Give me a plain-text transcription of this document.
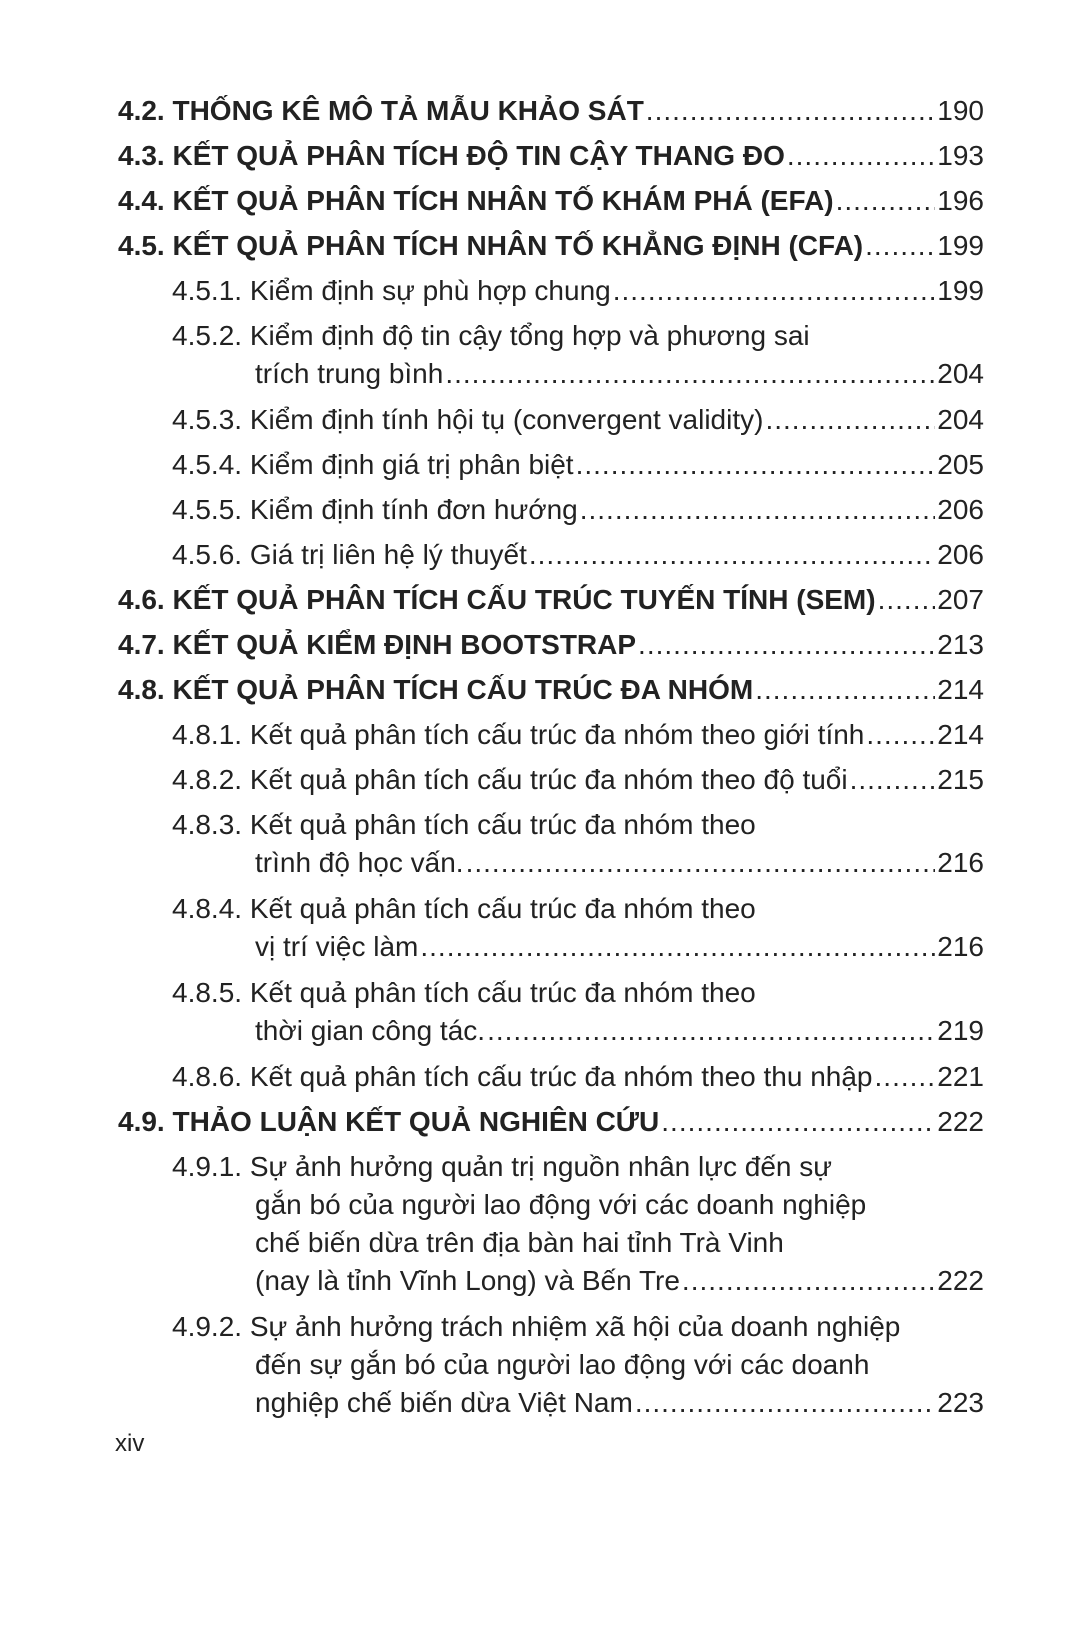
4.2. THỐNG KÊ MÔ TẢ MẪU KHẢO SÁT .....	190
4.3. KẾT QUẢ PHÂN TÍCH ĐỘ TIN CẬY THANG ĐO .....	193
4.4. KẾT QUẢ PHÂN TÍCH NHÂN TỐ KHÁM PHÁ (EFA) .....	196
4.5. KẾT QUẢ PHÂN TÍCH NHÂN TỐ KHẲNG ĐỊNH (CFA) .....	199
4.5.1. Kiểm định sự phù hợp chung .....	199
4.5.2. Kiểm định độ tin cậy tổng hợp và phương sai
trích trung bình .....	204
4.5.3. Kiểm định tính hội tụ (convergent validity) .....	204
4.5.4. Kiểm định giá trị phân biệt .....	205
4.5.5. Kiểm định tính đơn hướng .....	206
4.5.6. Giá trị liên hệ lý thuyết .....	206
4.6. KẾT QUẢ PHÂN TÍCH CẤU TRÚC TUYẾN TÍNH (SEM) ..... 207
4.7. KẾT QUẢ KIỂM ĐỊNH BOOTSTRAP .....	213
4.8. KẾT QUẢ PHÂN TÍCH CẤU TRÚC ĐA NHÓM .....	214
4.8.1. Kết quả phân tích cấu trúc đa nhóm theo giới tính .....	214
4.8.2. Kết quả phân tích cấu trúc đa nhóm theo độ tuổi .....	215
4.8.3. Kết quả phân tích cấu trúc đa nhóm theo
trình độ học vấn. .....	216
4.8.4. Kết quả phân tích cấu trúc đa nhóm theo
vị trí việc làm .....	216
4.8.5. Kết quả phân tích cấu trúc đa nhóm theo
thời gian công tác. .....	219
4.8.6. Kết quả phân tích cấu trúc đa nhóm theo thu nhập ..... 221
4.9. THẢO LUẬN KẾT QUẢ NGHIÊN CỨU .....	222
4.9.1. Sự ảnh hưởng quản trị nguồn nhân lực đến sự
gắn bó của người lao động với các doanh nghiệp
chế biến dừa trên địa bàn hai tỉnh Trà Vinh
(nay là tỉnh Vĩnh Long) và Bến Tre .....	222
4.9.2. Sự ảnh hưởng trách nhiệm xã hội của doanh nghiệp
đến sự gắn bó của người lao động với các doanh
nghiệp chế biến dừa Việt Nam .....	223
xiv
